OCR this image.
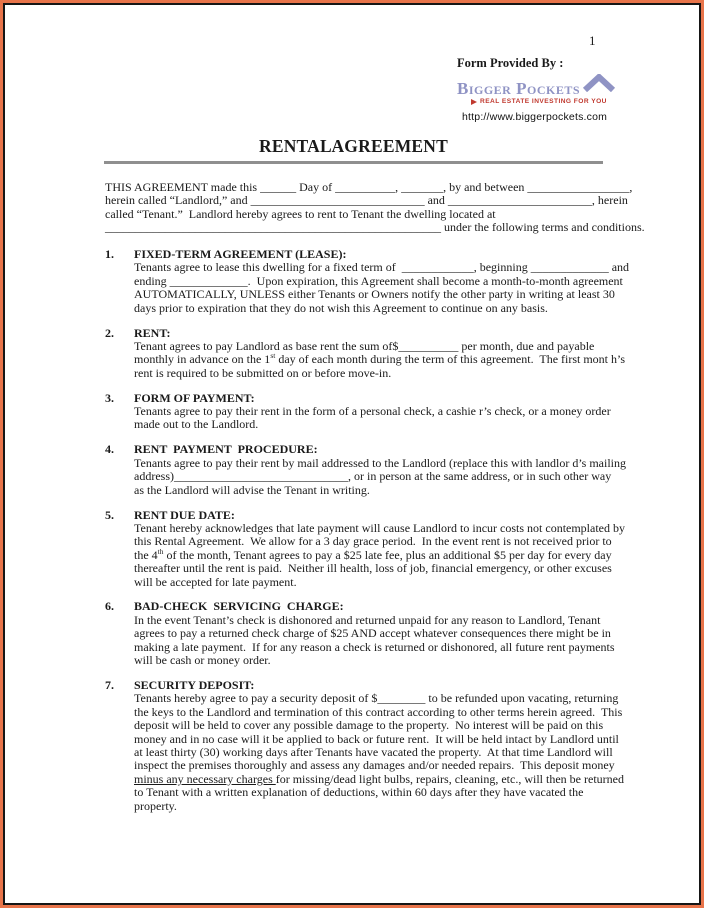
1
Form Provided By :
Bigger Pockets
REAL ESTATE INVESTING FOR YOU
http://www.biggerpockets.com
RENTAL AGREEMENT
THIS AGREEMENT made this ______ Day of __________, _______, by and between _________________,
herein called “Landlord,” and _____________________________ and ________________________, herein
called “Tenant.”  Landlord hereby agrees to rent to Tenant the dwelling located at
________________________________________________________ under the following terms and conditions.
1.	FIXED-TERM AGREEMENT (LEASE):
Tenants agree to lease this dwelling for a fixed term of  ____________, beginning _____________ and
ending _____________.  Upon expiration, this Agreement shall become a month-to-month agreement
AUTOMATICALLY, UNLESS either Tenants or Owners notify the other party in writing at least 30
days prior to expiration that they do not wish this Agreement to continue on any basis.
2.	RENT:
Tenant agrees to pay Landlord as base rent the sum of$__________ per month, due and payable
monthly in advance on the 1st day of each month during the term of this agreement.  The first mont h’s
rent is required to be submitted on or before move-in.
3.	FORM OF PAYMENT:
Tenants agree to pay their rent in the form of a personal check, a cashie r’s check, or a money order
made out to the Landlord.
4.	RENT  PAYMENT  PROCEDURE:
Tenants agree to pay their rent by mail addressed to the Landlord (replace this with landlor d’s mailing
address)_____________________________, or in person at the same address, or in such other way
as the Landlord will advise the Tenant in writing.
5.	RENT DUE DATE:
Tenant hereby acknowledges that late payment will cause Landlord to incur costs not contemplated by
this Rental Agreement.  We allow for a 3 day grace period.  In the event rent is not received prior to
the 4th of the month, Tenant agrees to pay a $25 late fee, plus an additional $5 per day for every day
thereafter until the rent is paid.  Neither ill health, loss of job, financial emergency, or other excuses
will be accepted for late payment.
6.	BAD-CHECK  SERVICING  CHARGE:
In the event Tenant’s check is dishonored and returned unpaid for any reason to Landlord, Tenant
agrees to pay a returned check charge of $25 AND accept whatever consequences there might be in
making a late payment.  If for any reason a check is returned or dishonored, all future rent payments
will be cash or money order.
7.	SECURITY DEPOSIT:
Tenants hereby agree to pay a security deposit of $________ to be refunded upon vacating, returning
the keys to the Landlord and termination of this contract according to other terms herein agreed.  This
deposit will be held to cover any possible damage to the property.  No interest will be paid on this
money and in no case will it be applied to back or future rent.  It will be held intact by Landlord until
at least thirty (30) working days after Tenants have vacated the property.  At that time Landlord will
inspect the premises thoroughly and assess any damages and/or needed repairs.  This deposit money
minus any necessary charges for missing/dead light bulbs, repairs, cleaning, etc., will then be returned
to Tenant with a written explanation of deductions, within 60 days after they have vacated the
property.
